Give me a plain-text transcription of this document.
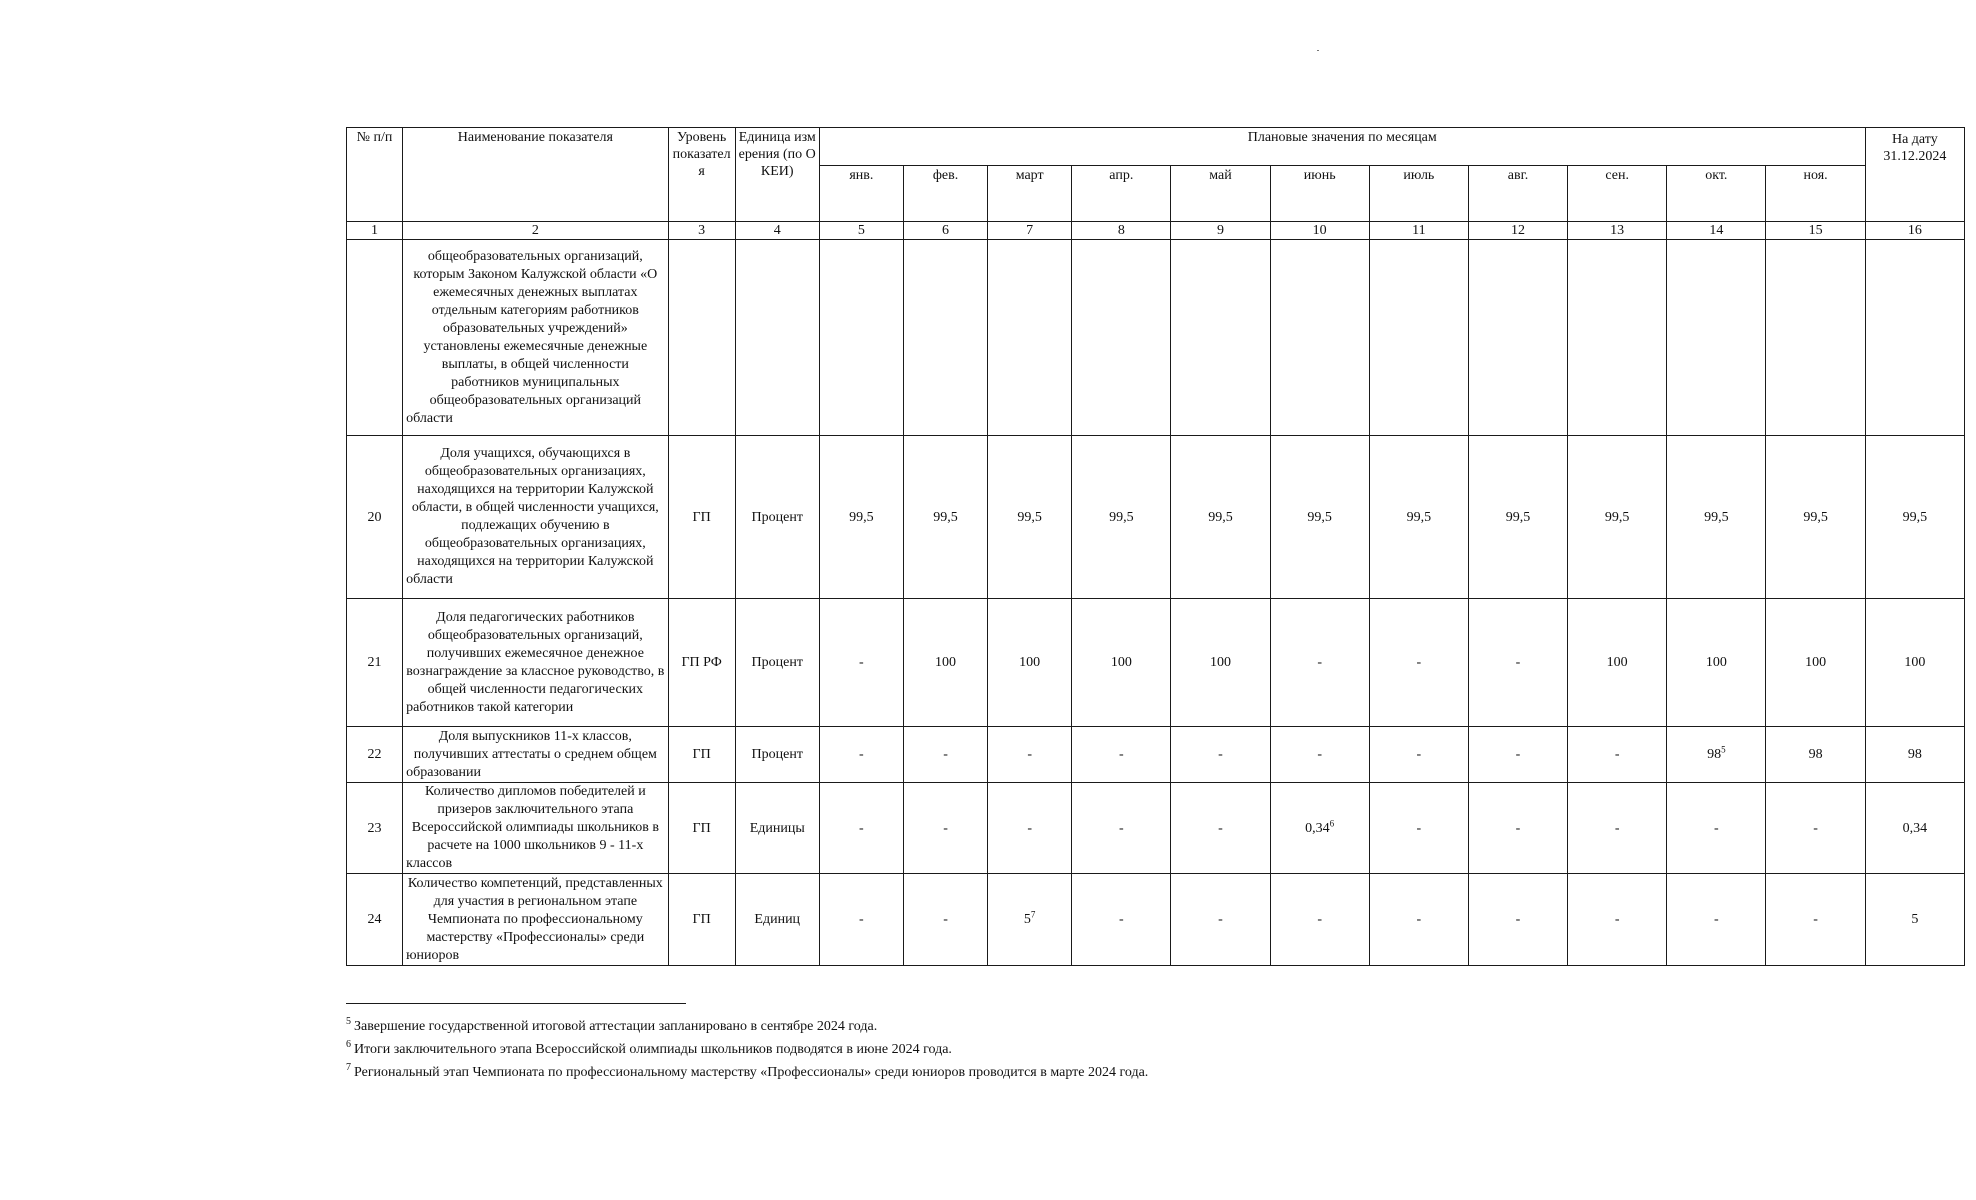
№ п/п	Наименование показателя	Уровень показателя	Единица измерения (по ОКЕИ)	Плановые значения по месяцам											На дату 31.12.2024
				янв.	фев.	март	апр.	май	июнь	июль	авг.	сен.	окт.	ноя.	
1	2	3	4	5	6	7	8	9	10	11	12	13	14	15	16
	общеобразовательных организаций, которым Законом Калужской области «О ежемесячных денежных выплатах отдельным категориям работников образовательных учреждений» установлены ежемесячные денежные выплаты, в общей численности работников муниципальных общеобразовательных организаций области														
20	Доля учащихся, обучающихся в общеобразовательных организациях, находящихся на территории Калужской области, в общей численности учащихся, подлежащих обучению в общеобразовательных организациях, находящихся на территории Калужской области	ГП	Процент	99,5	99,5	99,5	99,5	99,5	99,5	99,5	99,5	99,5	99,5	99,5	99,5
21	Доля педагогических работников общеобразовательных организаций, получивших ежемесячное денежное вознаграждение за классное руководство, в общей численности педагогических работников такой категории	ГП РФ	Процент	-	100	100	100	100	-	-	-	100	100	100	100
22	Доля выпускников 11-х классов, получивших аттестаты о среднем общем образовании	ГП	Процент	-	-	-	-	-	-	-	-	-	$98^5$	98	98
23	Количество дипломов победителей и призеров заключительного этапа Всероссийской олимпиады школьников в расчете на 1000 школьников 9 - 11-х классов	ГП	Единицы	-	-	-	-	-	0,34$^6$	-	-	-	-	-	0,34
24	Количество компетенций, представленных для участия в региональном этапе Чемпионата по профессиональному мастерству «Профессионалы» среди юниоров	ГП	Единиц	-	-	$5^7$	-	-	-	-	-	-	-	-	5
$^5$ Завершение государственной итоговой аттестации запланировано в сентябре 2024 года.
$^6$ Итоги заключительного этапа Всероссийской олимпиады школьников подводятся в июне 2024 года.
$^7$ Региональный этап Чемпионата по профессиональному мастерству «Профессионалы» среди юниоров проводится в марте 2024 года.
